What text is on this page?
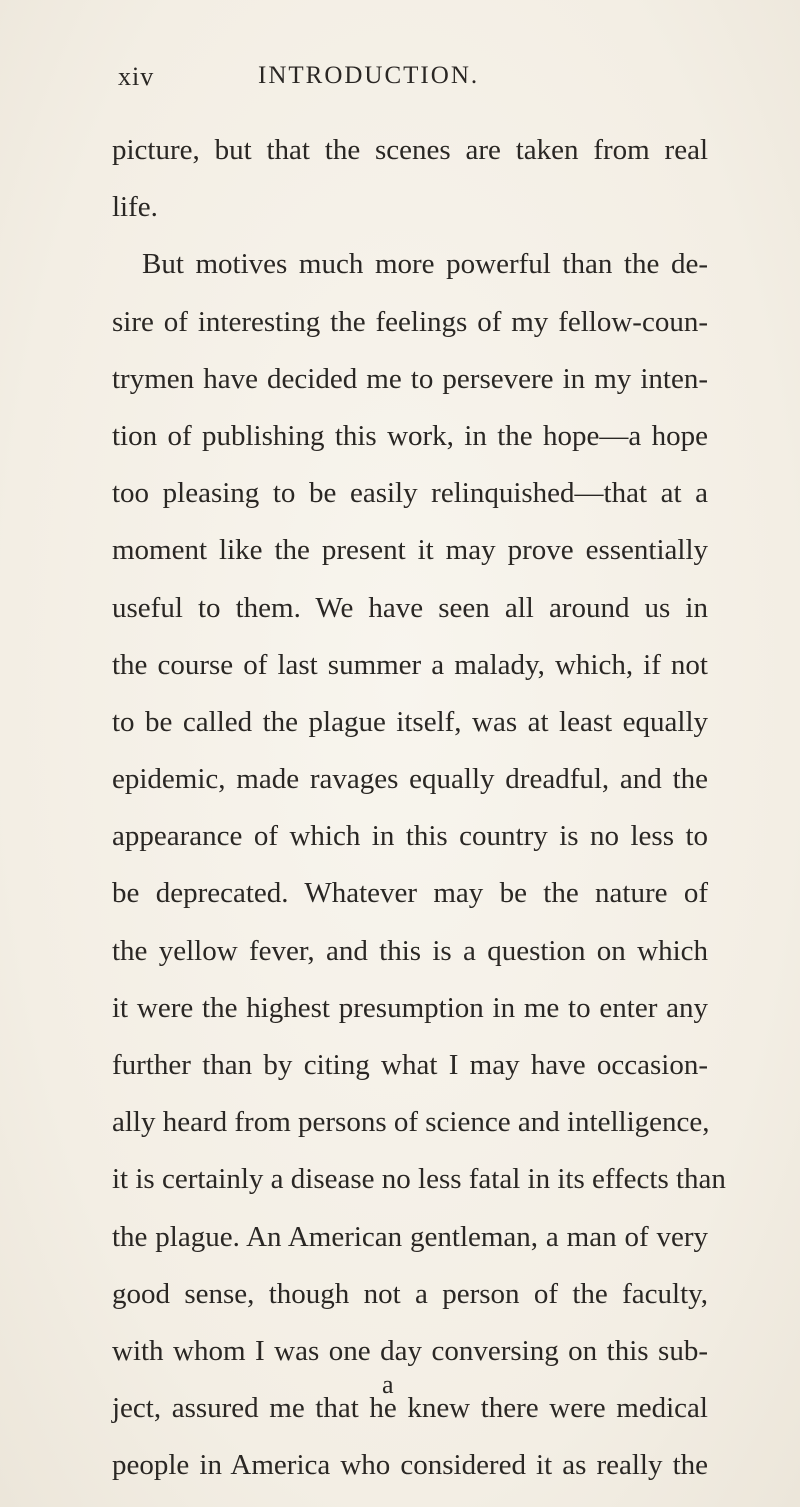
xiv	INTRODUCTION.
picture, but that the scenes are taken from real
life.
But motives much more powerful than the de-
sire of interesting the feelings of my fellow-coun-
trymen have decided me to persevere in my inten-
tion of publishing this work, in the hope—a hope
too pleasing to be easily relinquished—that at a
moment like the present it may prove essentially
useful to them. We have seen all around us in
the course of last summer a malady, which, if not
to be called the plague itself, was at least equally
epidemic, made ravages equally dreadful, and the
appearance of which in this country is no less to
be deprecated. Whatever may be the nature of
the yellow fever, and this is a question on which
it were the highest presumption in me to enter any
further than by citing what I may have occasion-
ally heard from persons of science and intelligence,
it is certainly a disease no less fatal in its effects than
the plague. An American gentleman, a man of very
good sense, though not a person of the faculty,
with whom I was one day conversing on this sub-
ject, assured me that he knew there were medical
people in America who considered it as really the
a
